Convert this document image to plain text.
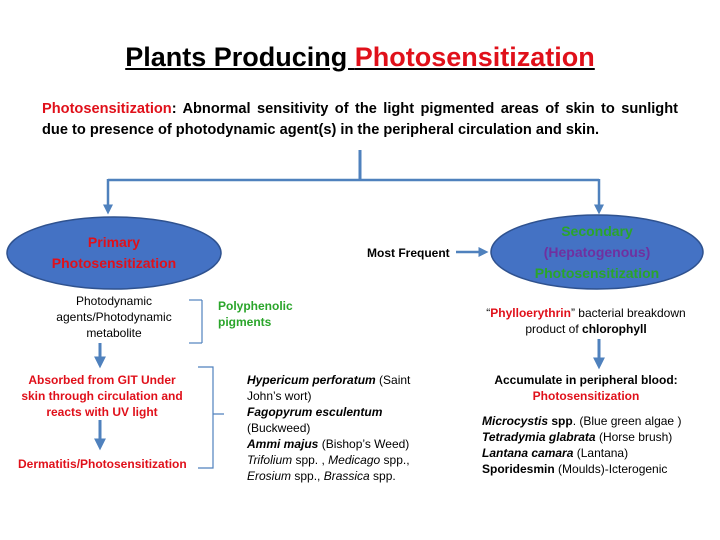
Plants Producing Photosensitization
Photosensitization: Abnormal sensitivity of the light pigmented areas of skin to sunlight due to presence of photodynamic agent(s) in the peripheral circulation and skin.
Primary
Photosensitization
Secondary
(Hepatogenous)
Photosensitization
Most Frequent
Photodynamic agents/Photodynamic metabolite
Polyphenolic pigments
“Phylloerythrin” bacterial breakdown product of chlorophyll
Absorbed from GIT Under skin through circulation and reacts with UV light
Dermatitis/Photosensitization
Hypericum perforatum (Saint John’s wort)
Fagopyrum esculentum
(Buckweed)
Ammi majus (Bishop’s Weed)
Trifolium spp. , Medicago spp.,
Erosium spp., Brassica spp.
Accumulate in peripheral blood:
Photosensitization
Microcystis spp. (Blue green algae )
Tetradymia glabrata (Horse brush)
Lantana camara (Lantana)
Sporidesmin (Moulds)-Icterogenic
